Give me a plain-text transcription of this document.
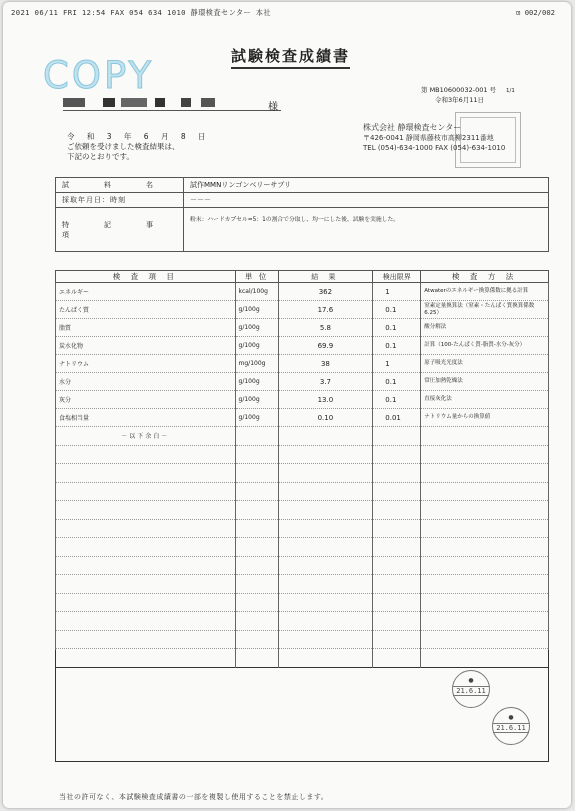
2021 06/11 FRI 12:54 FAX 054 634 1010 静環検査センター 本社	⊡ 002/002
試験検査成績書
COPY	第 MB10600032-001 号 1/1
令和3年6月11日
様
株式会社 静環検査センター
〒426-0041 静岡県藤枝市高柳2311番地
TEL (054)-634-1000 FAX (054)-634-1010
令 和 3 年 6 月 8 日
ご依頼を受けました検査結果は、
下記のとおりです。
試　料　名	試作MMNリンゴンベリーサプリ
採取年月日：時刻	－－－
特　記　事　項	粉末：ハードカプセル=5：1の割合で分取し、均一にした後、試験を実施した。
検 査 項 目	単 位	結 果	検出限界	検 査 方 法
エネルギー	kcal/100g	362	1	Atwaterのエネルギー換算係数に拠る計算
たんぱく質	g/100g	17.6	0.1	窒素定量換算法（窒素・たんぱく質換算係数6.25）
脂質	g/100g	5.8	0.1	酸分解法
炭水化物	g/100g	69.9	0.1	計算（100-たんぱく質-脂質-水分-灰分）
ナトリウム	mg/100g	38	1	原子吸光光度法
水分	g/100g	3.7	0.1	常圧加熱乾燥法
灰分	g/100g	13.0	0.1	直接灰化法
食塩相当量	g/100g	0.10	0.01	ナトリウム量からの換算値
－以下余白－				

●
21.6.11
●
21.6.11
当社の許可なく、本試験検査成績書の一部を複製し使用することを禁止します。
